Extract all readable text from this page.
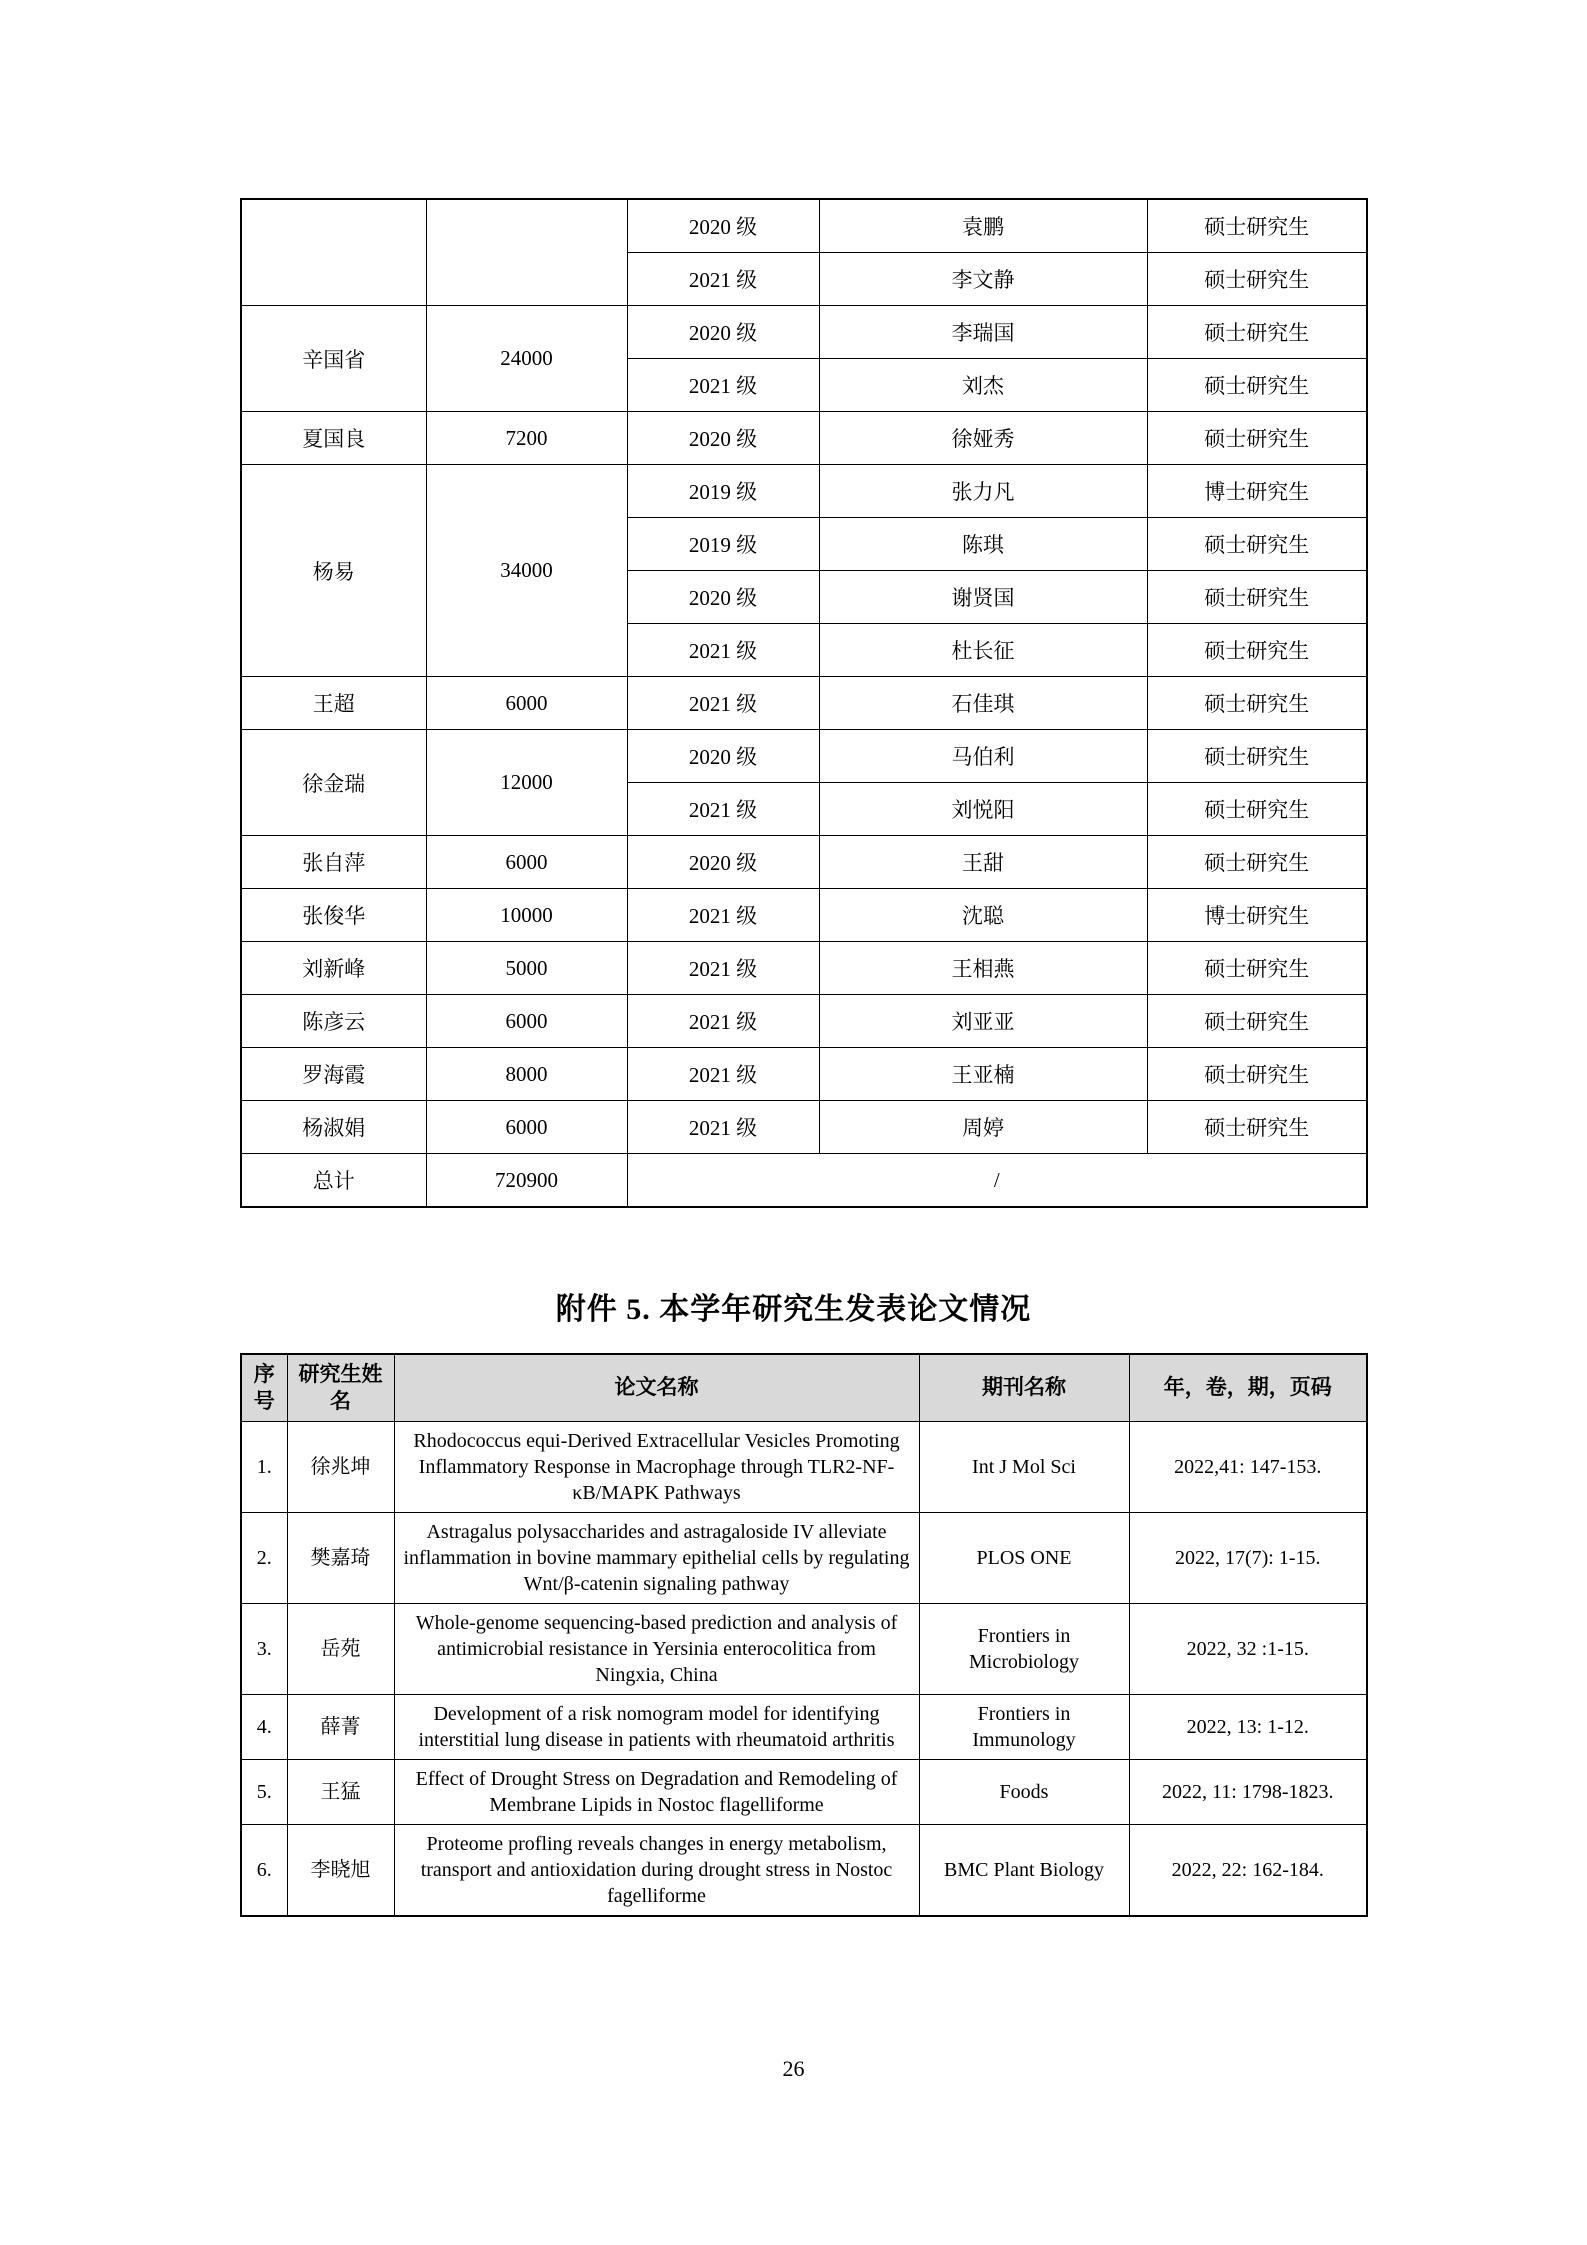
		2020 级	袁鹏	硕士研究生
		2021 级	李文静	硕士研究生
辛国省	24000	2020 级	李瑞国	硕士研究生
		2021 级	刘杰	硕士研究生
夏国良	7200	2020 级	徐娅秀	硕士研究生
杨易	34000	2019 级	张力凡	博士研究生
		2019 级	陈琪	硕士研究生
		2020 级	谢贤国	硕士研究生
		2021 级	杜长征	硕士研究生
王超	6000	2021 级	石佳琪	硕士研究生
徐金瑞	12000	2020 级	马伯利	硕士研究生
		2021 级	刘悦阳	硕士研究生
张自萍	6000	2020 级	王甜	硕士研究生
张俊华	10000	2021 级	沈聪	博士研究生
刘新峰	5000	2021 级	王相燕	硕士研究生
陈彦云	6000	2021 级	刘亚亚	硕士研究生
罗海霞	8000	2021 级	王亚楠	硕士研究生
杨淑娟	6000	2021 级	周婷	硕士研究生
总计	720900	/		
附件 5. 本学年研究生发表论文情况
序号	研究生姓名	论文名称	期刊名称	年，卷，期，页码
1.	徐兆坤	Rhodococcus equi-Derived Extracellular Vesicles Promoting Inflammatory Response in Macrophage through TLR2-NF-κB/MAPK Pathways	Int J Mol Sci	2022,41: 147-153.
2.	樊嘉琦	Astragalus polysaccharides and astragaloside IV alleviate inflammation in bovine mammary epithelial cells by regulating Wnt/β-catenin signaling pathway	PLOS ONE	2022, 17(7): 1-15.
3.	岳苑	Whole-genome sequencing-based prediction and analysis of antimicrobial resistance in Yersinia enterocolitica from Ningxia, China	Frontiers in Microbiology	2022, 32 :1-15.
4.	薛菁	Development of a risk nomogram model for identifying interstitial lung disease in patients with rheumatoid arthritis	Frontiers in Immunology	2022, 13: 1-12.
5.	王猛	Effect of Drought Stress on Degradation and Remodeling of Membrane Lipids in Nostoc flagelliforme	Foods	2022, 11: 1798-1823.
6.	李晓旭	Proteome profling reveals changes in energy metabolism, transport and antioxidation during drought stress in Nostoc fagelliforme	BMC Plant Biology	2022, 22: 162-184.
26
